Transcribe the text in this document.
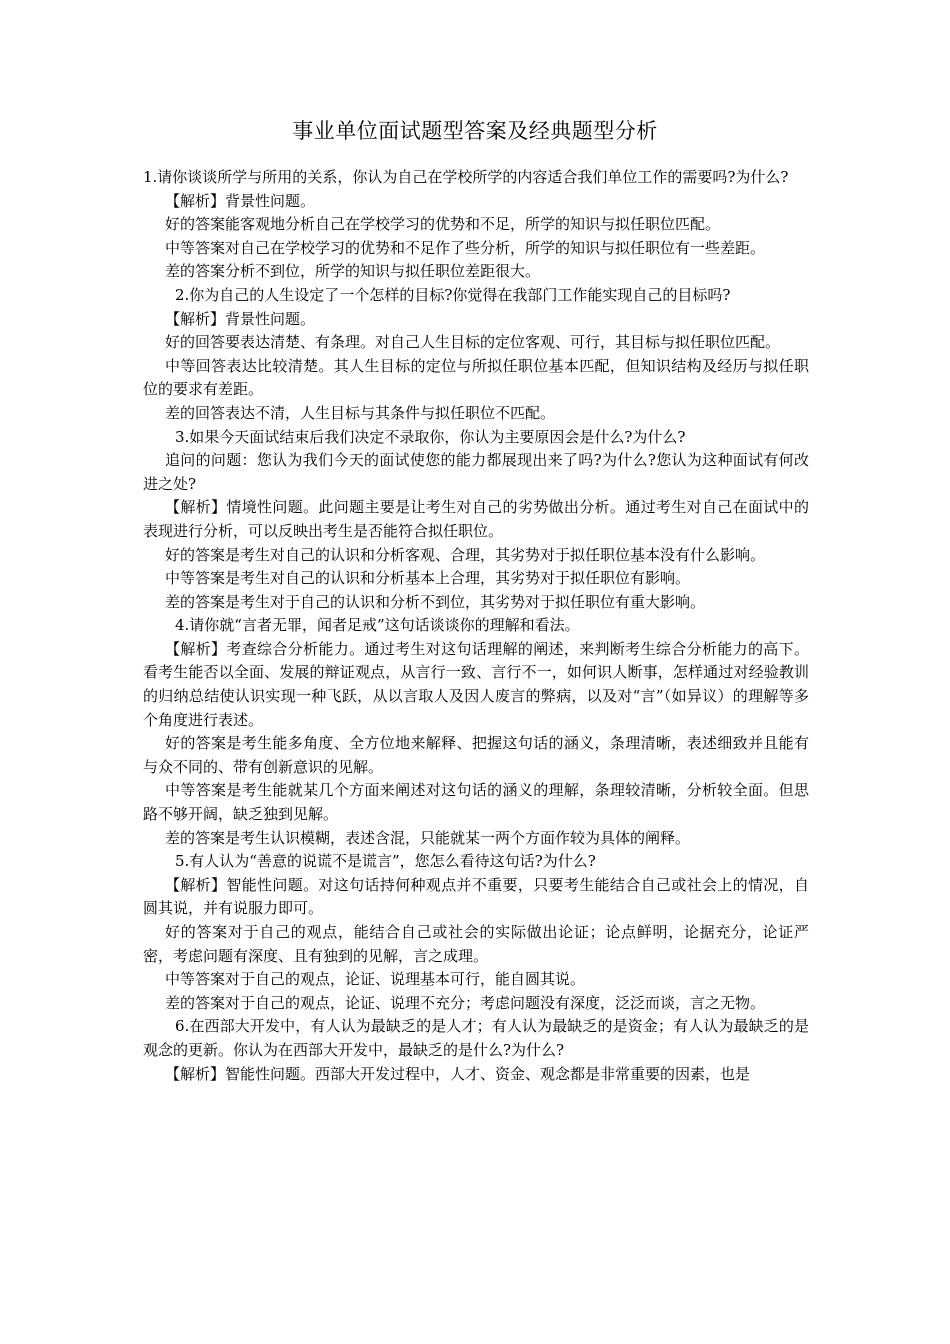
事业单位面试题型答案及经典题型分析

1.请你谈谈所学与所用的关系，你认为自己在学校所学的内容适合我们单位工作的需要吗?为什么?

【解析】背景性问题。

好的答案能客观地分析自己在学校学习的优势和不足，所学的知识与拟任职位匹配。

中等答案对自己在学校学习的优势和不足作了些分析，所学的知识与拟任职位有一些差距。

差的答案分析不到位，所学的知识与拟任职位差距很大。

2.你为自己的人生设定了一个怎样的目标?你觉得在我部门工作能实现自己的目标吗?

【解析】背景性问题。

好的回答要表达清楚、有条理。对自己人生目标的定位客观、可行，其目标与拟任职位匹配。

中等回答表达比较清楚。其人生目标的定位与所拟任职位基本匹配，但知识结构及经历与拟任职位的要求有差距。

差的回答表达不清，人生目标与其条件与拟任职位不匹配。

3.如果今天面试结束后我们决定不录取你，你认为主要原因会是什么?为什么?

追问的问题：您认为我们今天的面试使您的能力都展现出来了吗?为什么?您认为这种面试有何改进之处?

【解析】情境性问题。此问题主要是让考生对自己的劣势做出分析。通过考生对自己在面试中的表现进行分析，可以反映出考生是否能符合拟任职位。

好的答案是考生对自己的认识和分析客观、合理，其劣势对于拟任职位基本没有什么影响。

中等答案是考生对自己的认识和分析基本上合理，其劣势对于拟任职位有影响。

差的答案是考生对于自己的认识和分析不到位，其劣势对于拟任职位有重大影响。

4.请你就“言者无罪，闻者足戒”这句话谈谈你的理解和看法。

【解析】考查综合分析能力。通过考生对这句话理解的阐述，来判断考生综合分析能力的高下。看考生能否以全面、发展的辩证观点，从言行一致、言行不一，如何识人断事，怎样通过对经验教训的归纳总结使认识实现一种飞跃，从以言取人及因人废言的弊病，以及对“言”（如异议）的理解等多个角度进行表述。

好的答案是考生能多角度、全方位地来解释、把握这句话的涵义，条理清晰，表述细致并且能有与众不同的、带有创新意识的见解。

中等答案是考生能就某几个方面来阐述对这句话的涵义的理解，条理较清晰，分析较全面。但思路不够开阔，缺乏独到见解。

差的答案是考生认识模糊，表述含混，只能就某一两个方面作较为具体的阐释。

5.有人认为“善意的说谎不是谎言”，您怎么看待这句话?为什么?

【解析】智能性问题。对这句话持何种观点并不重要，只要考生能结合自己或社会上的情况，自圆其说，并有说服力即可。

好的答案对于自己的观点，能结合自己或社会的实际做出论证；论点鲜明，论据充分，论证严密，考虑问题有深度、且有独到的见解，言之成理。

中等答案对于自己的观点，论证、说理基本可行，能自圆其说。

差的答案对于自己的观点，论证、说理不充分；考虑问题没有深度，泛泛而谈，言之无物。

6.在西部大开发中，有人认为最缺乏的是人才；有人认为最缺乏的是资金；有人认为最缺乏的是观念的更新。你认为在西部大开发中，最缺乏的是什么?为什么?

【解析】智能性问题。西部大开发过程中，人才、资金、观念都是非常重要的因素，也是
